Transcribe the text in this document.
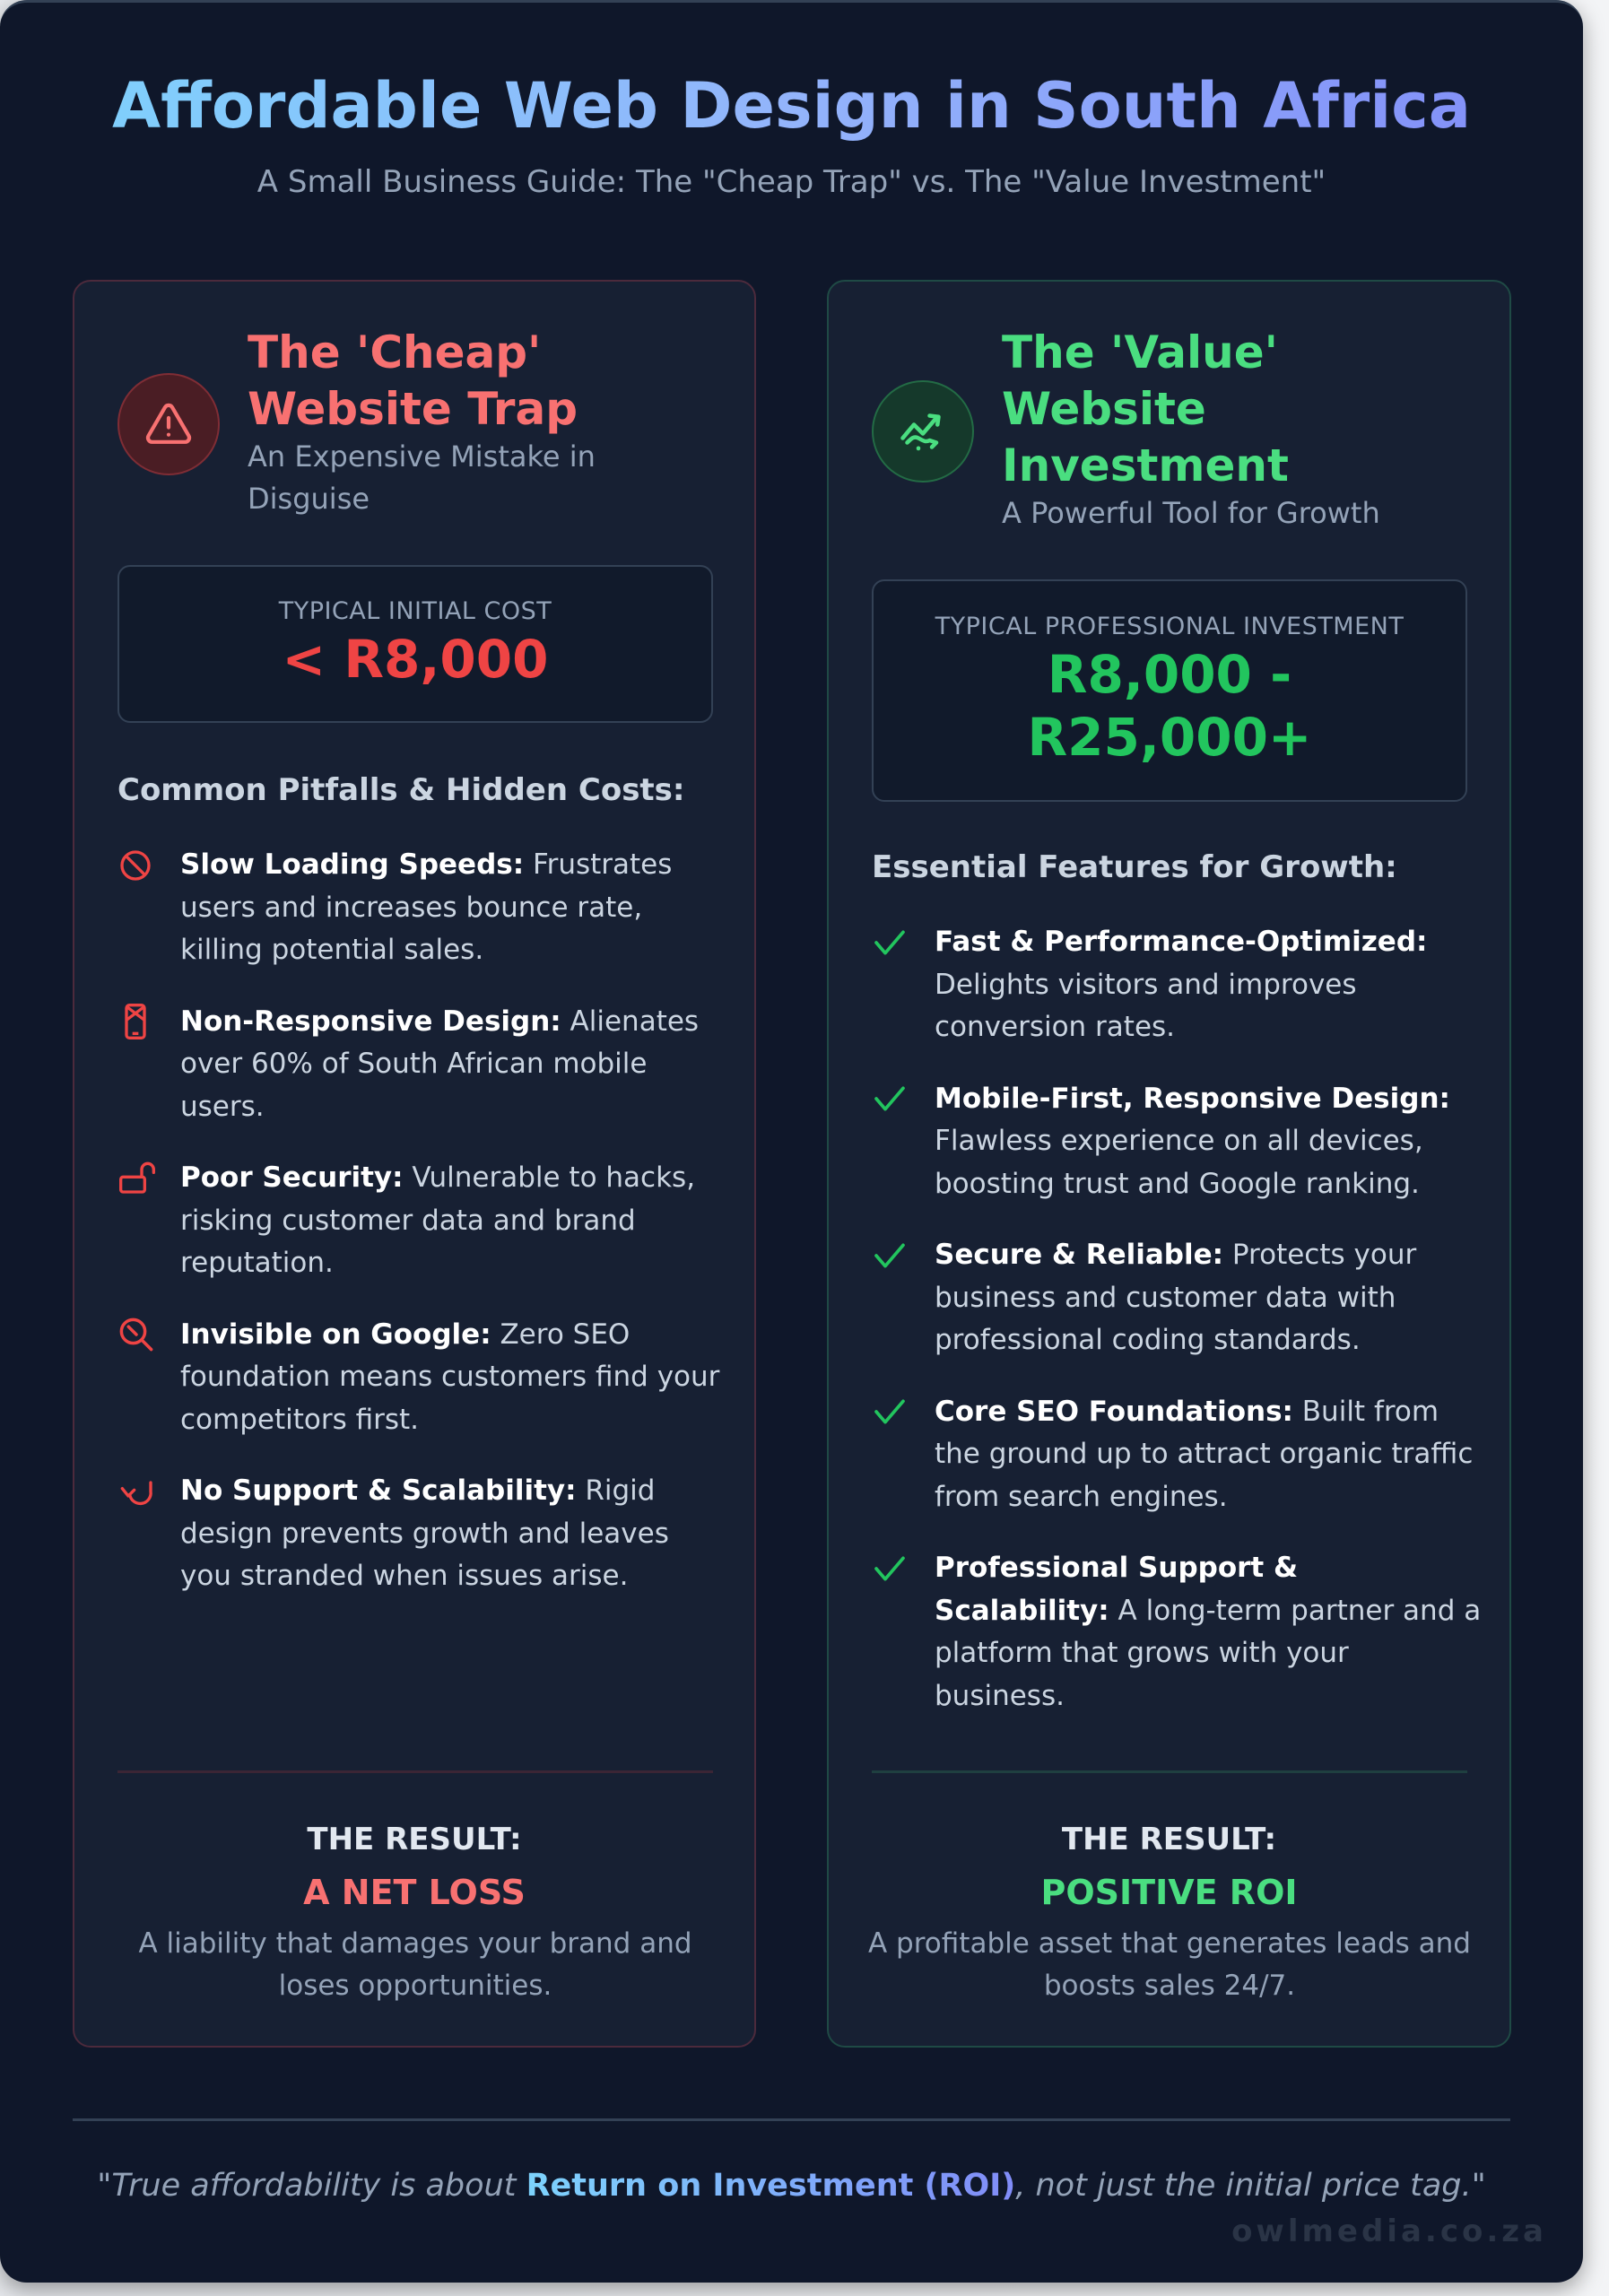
Affordable Web Design in South Africa
A Small Business Guide: The "Cheap Trap" vs. The "Value Investment"
The 'Cheap' Website Trap
An Expensive Mistake in Disguise
TYPICAL INITIAL COST
< R8,000
Common Pitfalls & Hidden Costs:
Slow Loading Speeds: Frustrates users and increases bounce rate, killing potential sales.
Non-Responsive Design: Alienates over 60% of South African mobile users.
Poor Security: Vulnerable to hacks, risking customer data and brand reputation.
Invisible on Google: Zero SEO foundation means customers find your competitors first.
No Support & Scalability: Rigid design prevents growth and leaves you stranded when issues arise.
THE RESULT:
A NET LOSS
A liability that damages your brand and loses opportunities.
The 'Value' Website Investment
A Powerful Tool for Growth
TYPICAL PROFESSIONAL INVESTMENT
R8,000 - R25,000+
Essential Features for Growth:
Fast & Performance-Optimized: Delights visitors and improves conversion rates.
Mobile-First, Responsive Design: Flawless experience on all devices, boosting trust and Google ranking.
Secure & Reliable: Protects your business and customer data with professional coding standards.
Core SEO Foundations: Built from the ground up to attract organic traffic from search engines.
Professional Support & Scalability: A long-term partner and a platform that grows with your business.
THE RESULT:
POSITIVE ROI
A profitable asset that generates leads and boosts sales 24/7.
"True affordability is about Return on Investment (ROI), not just the initial price tag."
owlmedia.co.za
